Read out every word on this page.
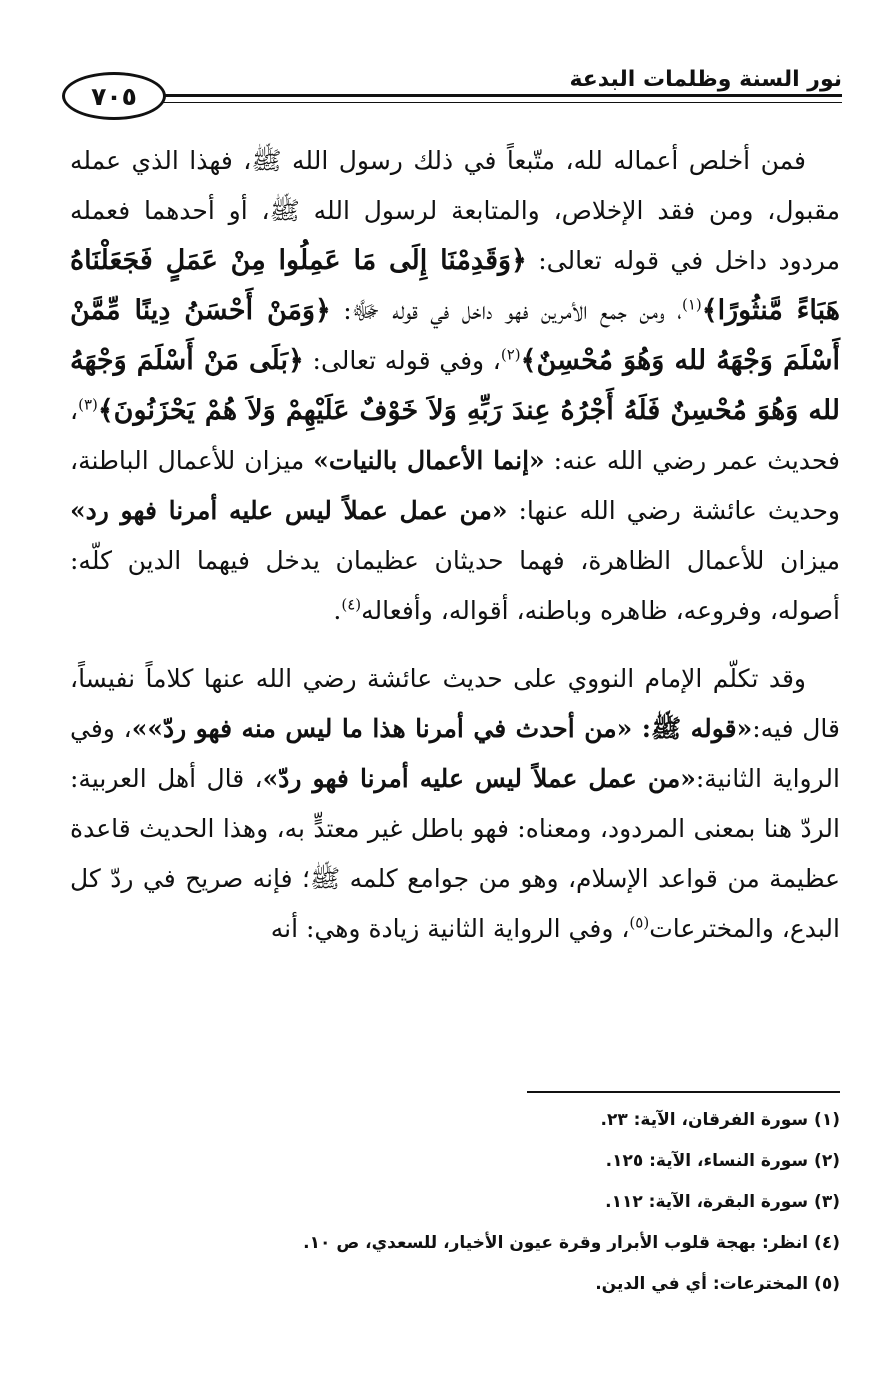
٧٠٥
نور السنة وظلمات البدعة

فمن أخلص أعماله لله، متّبعاً في ذلك رسول الله ﷺ، فهذا الذي عمله مقبول، ومن فقد الإخلاص، والمتابعة لرسول الله ﷺ، أو أحدهما فعمله مردود داخل في قوله تعالى: ﴿وَقَدِمْنَا إِلَى مَا عَمِلُوا مِنْ عَمَلٍ فَجَعَلْنَاهُ هَبَاءً مَّنثُورًا﴾$^{(١)}$، ومن جمع الأمرين فهو داخل في قوله ﷻ: ﴿وَمَنْ أَحْسَنُ دِينًا مِّمَّنْ أَسْلَمَ وَجْهَهُ لله وَهُوَ مُحْسِنٌ﴾$^{(٢)}$، وفي قوله تعالى: ﴿بَلَى مَنْ أَسْلَمَ وَجْهَهُ لله وَهُوَ مُحْسِنٌ فَلَهُ أَجْرُهُ عِندَ رَبِّهِ وَلاَ خَوْفٌ عَلَيْهِمْ وَلاَ هُمْ يَحْزَنُونَ﴾$^{(٣)}$، فحديث عمر رضي الله عنه: «إنما الأعمال بالنيات» ميزان للأعمال الباطنة، وحديث عائشة رضي الله عنها: «من عمل عملاً ليس عليه أمرنا فهو رد» ميزان للأعمال الظاهرة، فهما حديثان عظيمان يدخل فيهما الدين كلّه: أصوله، وفروعه، ظاهره وباطنه، أقواله، وأفعاله$^{(٤)}$.

وقد تكلّم الإمام النووي على حديث عائشة رضي الله عنها كلاماً نفيساً، قال فيه:«قوله ﷺ: «من أحدث في أمرنا هذا ما ليس منه فهو ردّ»»، وفي الرواية الثانية:«من عمل عملاً ليس عليه أمرنا فهو ردّ»، قال أهل العربية: الردّ هنا بمعنى المردود، ومعناه: فهو باطل غير معتدٍّ به، وهذا الحديث قاعدة عظيمة من قواعد الإسلام، وهو من جوامع كلمه ﷺ؛ فإنه صريح في ردّ كل البدع، والمخترعات$^{(٥)}$، وفي الرواية الثانية زيادة وهي: أنه

(١) سورة الفرقان، الآية: ٢٣.
(٢) سورة النساء، الآية: ١٢٥.
(٣) سورة البقرة، الآية: ١١٢.
(٤) انظر: بهجة قلوب الأبرار وقرة عيون الأخيار، للسعدي، ص ١٠.
(٥) المخترعات: أي في الدين.
